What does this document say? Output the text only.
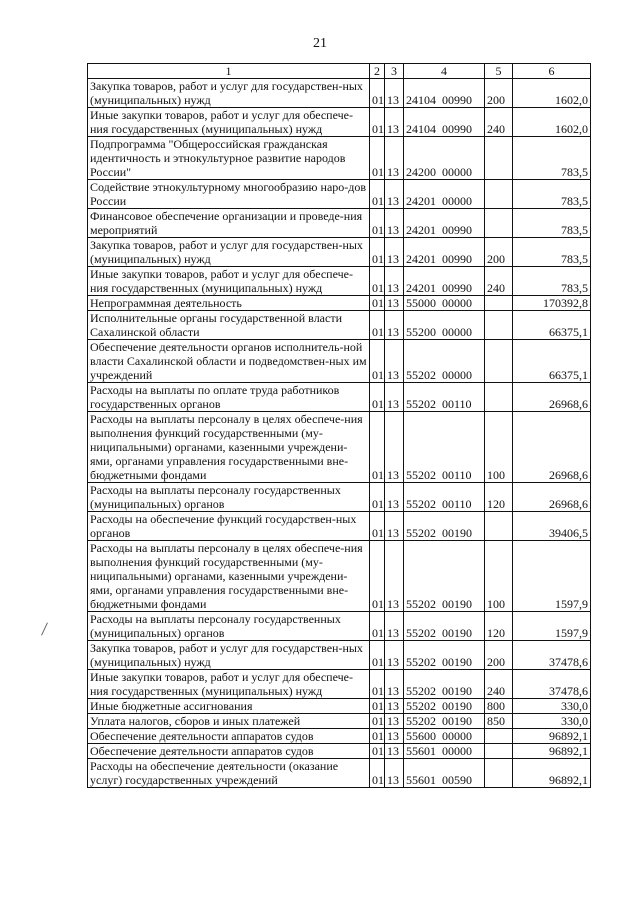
21
1	2	3	4	5	6
Закупка товаров, работ и услуг для государствен-ных (муниципальных) нужд	01	13	24104  00990	200	1602,0
Иные закупки товаров, работ и услуг для обеспече-ния государственных (муниципальных) нужд	01	13	24104  00990	240	1602,0
Подпрограмма "Общероссийская гражданская идентичность и этнокультурное развитие народов России"	01	13	24200  00000		783,5
Содействие этнокультурному многообразию наро-дов России	01	13	24201  00000		783,5
Финансовое обеспечение организации и проведе-ния мероприятий	01	13	24201  00990		783,5
Закупка товаров, работ и услуг для государствен-ных (муниципальных) нужд	01	13	24201  00990	200	783,5
Иные закупки товаров, работ и услуг для обеспече-ния государственных (муниципальных) нужд	01	13	24201  00990	240	783,5
Непрограммная деятельность	01	13	55000  00000		170392,8
Исполнительные органы государственной власти Сахалинской области	01	13	55200  00000		66375,1
Обеспечение деятельности органов исполнитель-ной власти Сахалинской области и подведомствен-ных им учреждений	01	13	55202  00000		66375,1
Расходы на выплаты по оплате труда работников государственных органов	01	13	55202  00110		26968,6
Расходы на выплаты персоналу в целях обеспече-ния выполнения функций государственными (му-ниципальными) органами, казенными учреждени-ями, органами управления государственными вне-бюджетными фондами	01	13	55202  00110	100	26968,6
Расходы на выплаты персоналу государственных (муниципальных) органов	01	13	55202  00110	120	26968,6
Расходы на обеспечение функций государствен-ных органов	01	13	55202  00190		39406,5
Расходы на выплаты персоналу в целях обеспече-ния выполнения функций государственными (му-ниципальными) органами, казенными учреждени-ями, органами управления государственными вне-бюджетными фондами	01	13	55202  00190	100	1597,9
Расходы на выплаты персоналу государственных (муниципальных) органов	01	13	55202  00190	120	1597,9
Закупка товаров, работ и услуг для государствен-ных (муниципальных) нужд	01	13	55202  00190	200	37478,6
Иные закупки товаров, работ и услуг для обеспече-ния государственных (муниципальных) нужд	01	13	55202  00190	240	37478,6
Иные бюджетные ассигнования	01	13	55202  00190	800	330,0
Уплата налогов, сборов и иных платежей	01	13	55202  00190	850	330,0
Обеспечение деятельности аппаратов судов	01	13	55600  00000		96892,1
Обеспечение деятельности аппаратов судов	01	13	55601  00000		96892,1
Расходы на обеспечение деятельности (оказание услуг) государственных учреждений	01	13	55601  00590		96892,1
